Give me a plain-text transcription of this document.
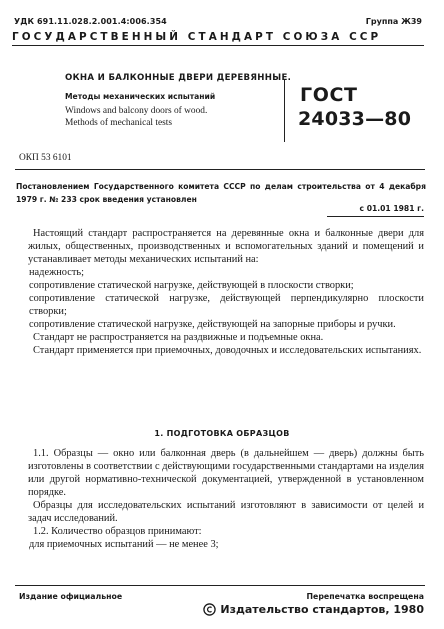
УДК 691.11.028.2.001.4:006.354	Группа Ж39
ГОСУДАРСТВЕННЫЙ СТАНДАРТ СОЮЗА ССР
ОКНА И БАЛКОННЫЕ ДВЕРИ ДЕРЕВЯННЫЕ.
Методы механических испытаний
Windows and balcony doors of wood.
Methods of mechanical tests
ГОСТ
24033—80
ОКП 53 6101
Постановлением Государственного комитета СССР по делам строительства от 4 декабря 1979 г. № 233 срок введения установлен
с 01.01 1981 г.

Настоящий стандарт распространяется на деревянные окна и балконные двери для жилых, общественных, производственных и вспомогательных зданий и помещений и устанавливает методы механических испытаний на:

надежность;

сопротивление статической нагрузке, действующей в плоскости створки;

сопротивление статической нагрузке, действующей перпендикулярно плоскости створки;

сопротивление статической нагрузке, действующей на запорные приборы и ручки.

Стандарт не распространяется на раздвижные и подъемные окна.

Стандарт применяется при приемочных, доводочных и исследовательских испытаниях.

1. ПОДГОТОВКА ОБРАЗЦОВ

1.1. Образцы — окно или балконная дверь (в дальнейшем — дверь) должны быть изготовлены в соответствии с действующими государственными стандартами на изделия или другой нормативно-технической документацией, утвержденной в установленном порядке.

Образцы для исследовательских испытаний изготовляют в зависимости от целей и задач исследований.

1.2. Количество образцов принимают:

для приемочных испытаний — не менее 3;

Издание официальное	Перепечатка воспрещена
Издательство стандартов, 1980
